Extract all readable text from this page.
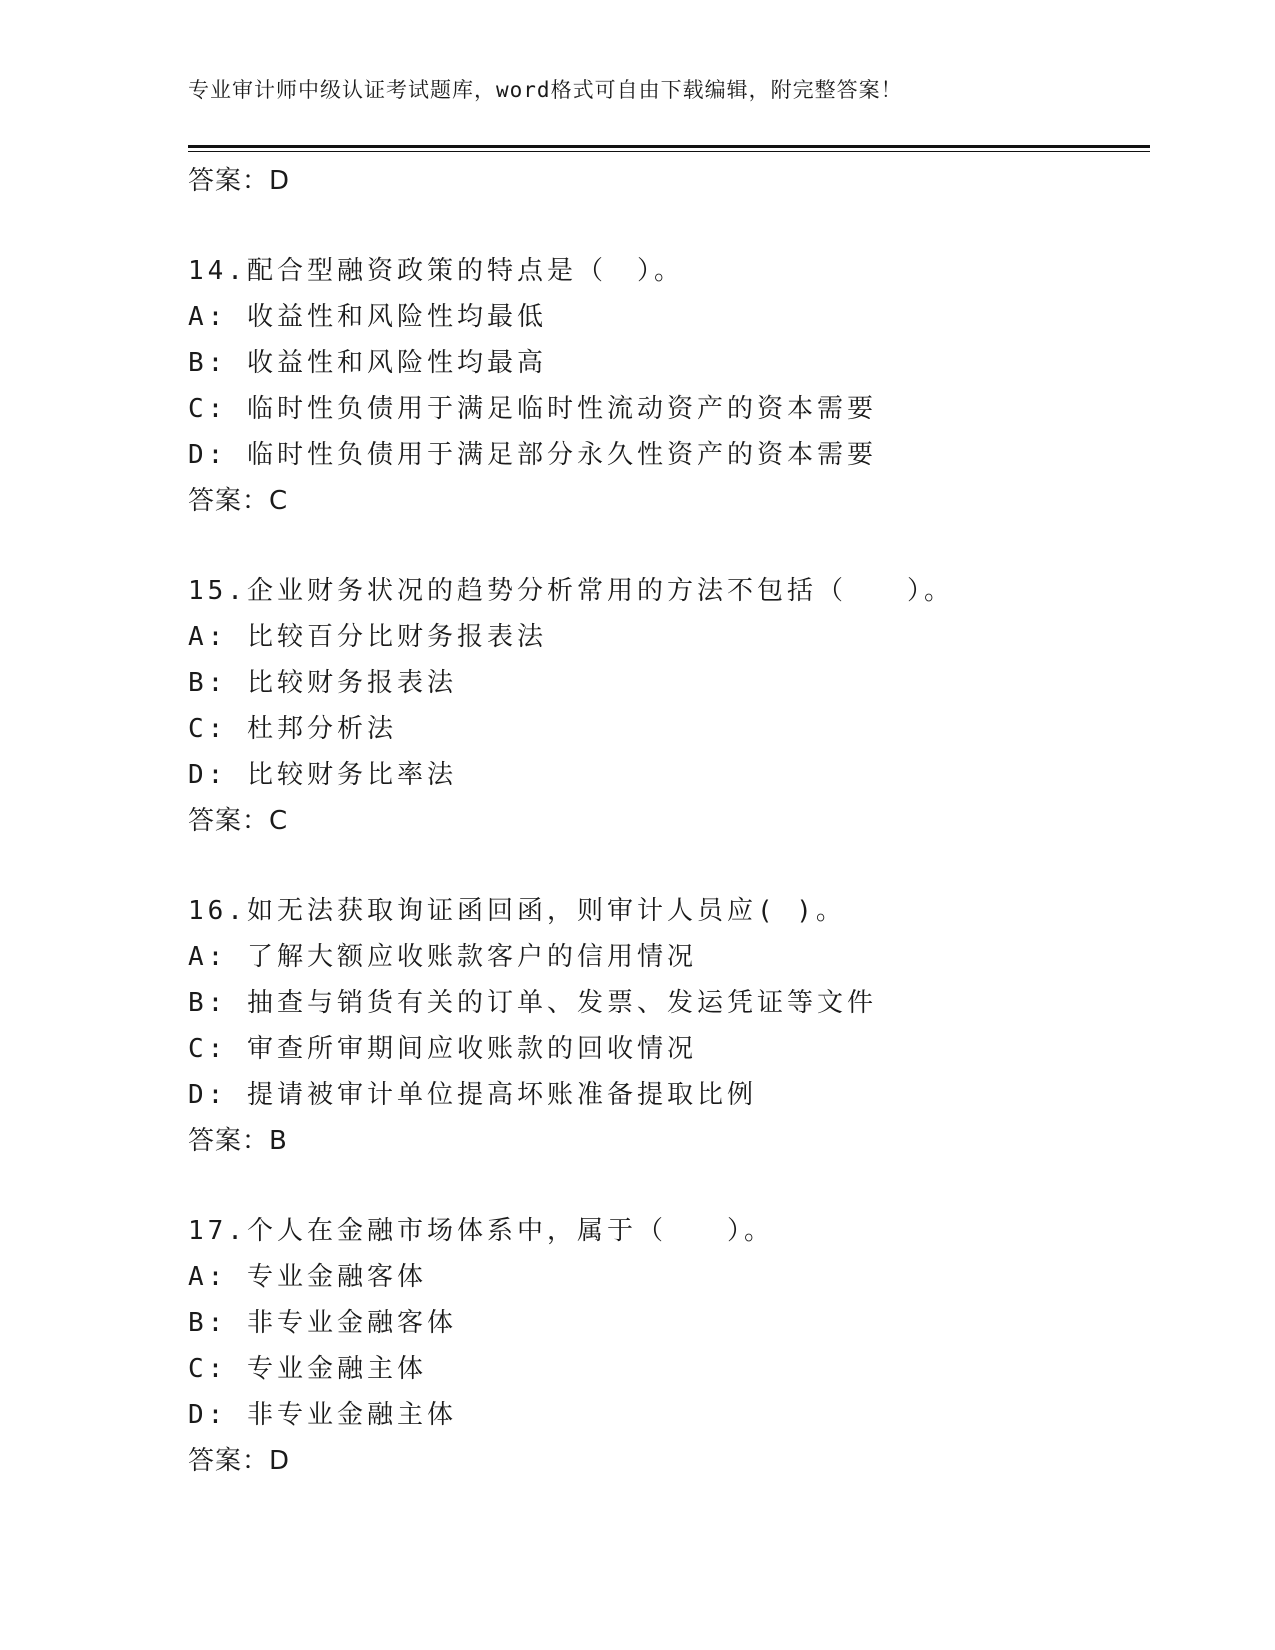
专业审计师中级认证考试题库，word格式可自由下载编辑，附完整答案！
答案：D
14.配合型融资政策的特点是（　）。
A: 收益性和风险性均最低
B: 收益性和风险性均最高
C: 临时性负债用于满足临时性流动资产的资本需要
D: 临时性负债用于满足部分永久性资产的资本需要
答案：C
15.企业财务状况的趋势分析常用的方法不包括（　　）。
A: 比较百分比财务报表法
B: 比较财务报表法
C: 杜邦分析法
D: 比较财务比率法
答案：C
16.如无法获取询证函回函，则审计人员应( )。
A: 了解大额应收账款客户的信用情况
B: 抽查与销货有关的订单、发票、发运凭证等文件
C: 审查所审期间应收账款的回收情况
D: 提请被审计单位提高坏账准备提取比例
答案：B
17.个人在金融市场体系中，属于（　　）。
A: 专业金融客体
B: 非专业金融客体
C: 专业金融主体
D: 非专业金融主体
答案：D
